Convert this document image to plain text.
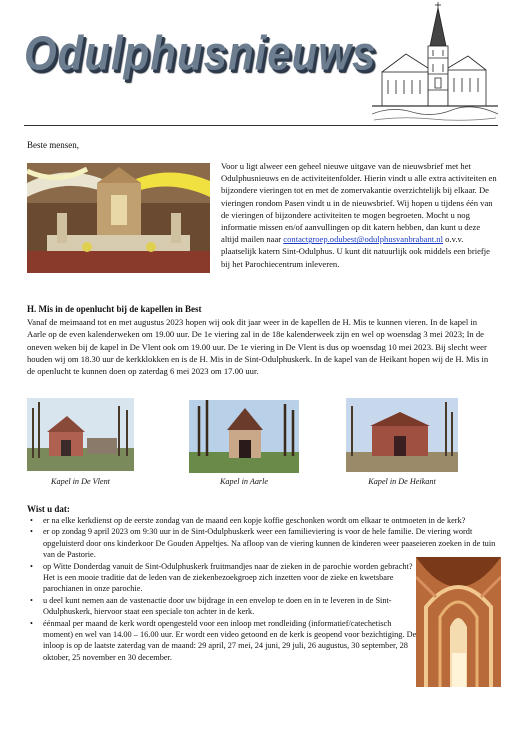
Odulphusnieuws
Beste mensen,
Voor u ligt alweer een geheel nieuwe uitgave van de nieuwsbrief met het Odulphusnieuws en de activiteitenfolder. Hierin vindt u alle extra activiteiten en bijzondere vieringen tot en met de zomervakantie overzichtelijk bij elkaar. De vieringen rondom Pasen vindt u in de nieuwsbrief. Wij hopen u tijdens één van de vieringen of bijzondere activiteiten te mogen begroeten. Mocht u nog informatie missen en/of aanvullingen op dit katern hebben, dan kunt u deze altijd mailen naar contactgroep.odubest@odulphusvanbrabant.nl o.v.v. plaatselijk katern Sint-Odulphus. U kunt dit natuurlijk ook middels een briefje bij het Parochiecentrum inleveren.
H. Mis in de openlucht bij de kapellen in Best
Vanaf de meimaand tot en met augustus 2023 hopen wij ook dit jaar weer in de kapellen de H. Mis te kunnen vieren. In de kapel in Aarle op de even kalenderweken om 19.00 uur. De 1e viering zal in de 18e kalenderweek zijn en wel op woensdag 3 mei 2023; In de oneven weken bij de kapel in De Vlent ook om 19.00 uur. De 1e viering in De Vlent is dus op woensdag 10 mei 2023. Bij slecht weer houden wij om 18.30 uur de kerkklokken en is de H. Mis in de Sint-Odulphuskerk. In de kapel van de Heikant hopen wij de H. Mis in de openlucht te kunnen doen op zaterdag 6 mei 2023 om 17.00 uur.
Kapel in De Vlent	Kapel in Aarle	Kapel in De Heikant
Wist u dat:
• er na elke kerkdienst op de eerste zondag van de maand een kopje koffie geschonken wordt om elkaar te ontmoeten in de kerk?
• er op zondag 9 april 2023 om 9:30 uur in de Sint-Odulphuskerk weer een familieviering is voor de hele familie. De viering wordt opgeluisterd door ons kinderkoor De Gouden Appeltjes. Na afloop van de viering kunnen de kinderen weer paaseieren zoeken in de tuin van de Pastorie.
• op Witte Donderdag vanuit de Sint-Odulphuskerk fruitmandjes naar de zieken in de parochie worden gebracht? Het is een mooie traditie dat de leden van de ziekenbezoekgroep zich inzetten voor de zieke en kwetsbare parochianen in onze parochie.
• u deel kunt nemen aan de vastenactie door uw bijdrage in een envelop te doen en in te leveren in de Sint-Odulphuskerk, hiervoor staat een speciale ton achter in de kerk.
• éénmaal per maand de kerk wordt opengesteld voor een inloop met rondleiding (informatief/catechetisch moment) en wel van 14.00 – 16.00 uur. Er wordt een video getoond en de kerk is geopend voor bezichtiging. De inloop is op de laatste zaterdag van de maand: 29 april, 27 mei, 24 juni, 29 juli, 26 augustus, 30 september, 28 oktober, 25 november en 30 december.
